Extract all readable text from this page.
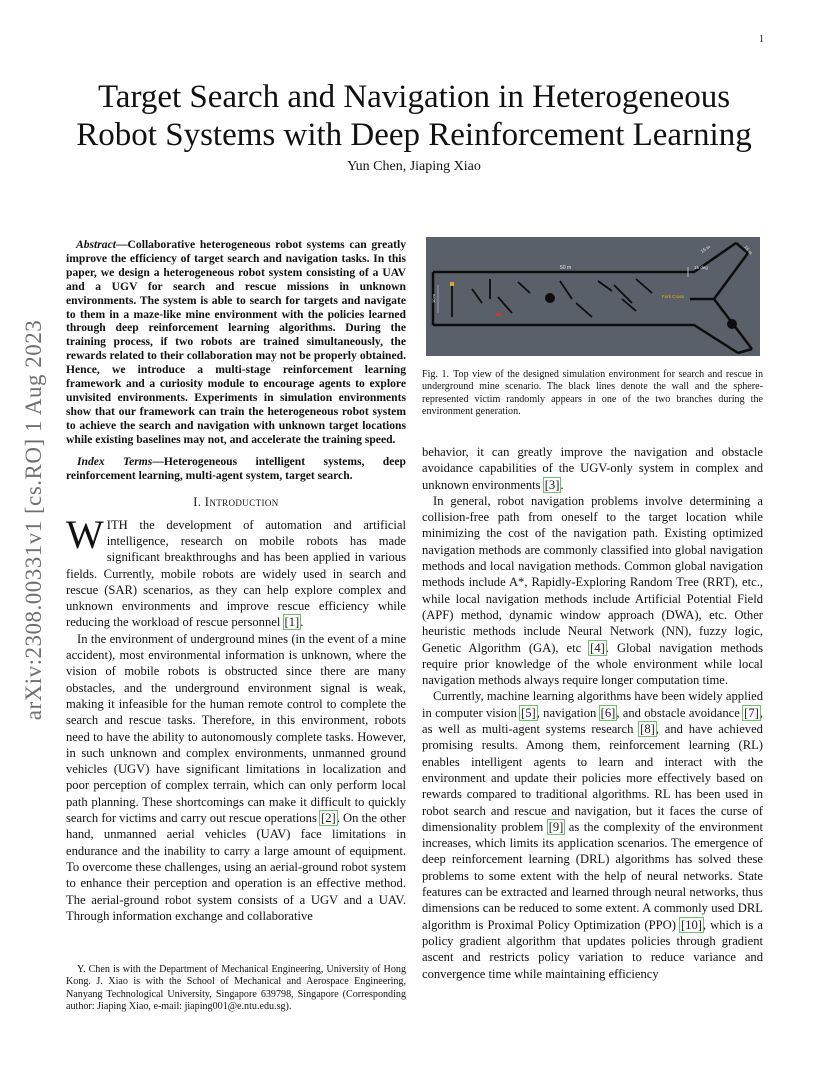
1
arXiv:2308.00331v1 [cs.RO] 1 Aug 2023
Target Search and Navigation in Heterogeneous
Robot Systems with Deep Reinforcement Learning
Yun Chen, Jiaping Xiao

Abstract—Collaborative heterogeneous robot systems can greatly improve the efficiency of target search and navigation tasks. In this paper, we design a heterogeneous robot system consisting of a UAV and a UGV for search and rescue missions in unknown environments. The system is able to search for targets and navigate to them in a maze-like mine environment with the policies learned through deep reinforcement learning algorithms. During the training process, if two robots are trained simultaneously, the rewards related to their collaboration may not be properly obtained. Hence, we introduce a multi-stage reinforcement learning framework and a curiosity module to encourage agents to explore unvisited environments. Experiments in simulation environments show that our framework can train the heterogeneous robot system to achieve the search and navigation with unknown target locations while existing baselines may not, and accelerate the training speed.

Index Terms—Heterogeneous intelligent systems, deep reinforcement learning, multi-agent system, target search.

I. Introduction

WITH the development of automation and artificial intelligence, research on mobile robots has made significant breakthroughs and has been applied in various fields. Currently, mobile robots are widely used in search and rescue (SAR) scenarios, as they can help explore complex and unknown environments and improve rescue efficiency while reducing the workload of rescue personnel [1].

In the environment of underground mines (in the event of a mine accident), most environmental information is unknown, where the vision of mobile robots is obstructed since there are many obstacles, and the underground environment signal is weak, making it infeasible for the human remote control to complete the search and rescue tasks. Therefore, in this environment, robots need to have the ability to autonomously complete tasks. However, in such unknown and complex environments, unmanned ground vehicles (UGV) have significant limitations in localization and poor perception of complex terrain, which can only perform local path planning. These shortcomings can make it difficult to quickly search for victims and carry out rescue operations [2]. On the other hand, unmanned aerial vehicles (UAV) face limitations in endurance and the inability to carry a large amount of equipment. To overcome these challenges, using an aerial-ground robot system to enhance their perception and operation is an effective method. The aerial-ground robot system consists of a UGV and a UAV. Through information exchange and collaborative

50 m	15 deg
15 m	15 m
Fork Cross
10 m
Fig. 1. Top view of the designed simulation environment for search and rescue in underground mine scenario. The black lines denote the wall and the sphere-represented victim randomly appears in one of the two branches during the environment generation.

behavior, it can greatly improve the navigation and obstacle avoidance capabilities of the UGV-only system in complex and unknown environments [3].

In general, robot navigation problems involve determining a collision-free path from oneself to the target location while minimizing the cost of the navigation path. Existing optimized navigation methods are commonly classified into global navigation methods and local navigation methods. Common global navigation methods include A*, Rapidly-Exploring Random Tree (RRT), etc., while local navigation methods include Artificial Potential Field (APF) method, dynamic window approach (DWA), etc. Other heuristic methods include Neural Network (NN), fuzzy logic, Genetic Algorithm (GA), etc [4]. Global navigation methods require prior knowledge of the whole environment while local navigation methods always require longer computation time.

Currently, machine learning algorithms have been widely applied in computer vision [5], navigation [6], and obstacle avoidance [7], as well as multi-agent systems research [8], and have achieved promising results. Among them, reinforcement learning (RL) enables intelligent agents to learn and interact with the environment and update their policies more effectively based on rewards compared to traditional algorithms. RL has been used in robot search and rescue and navigation, but it faces the curse of dimensionality problem [9] as the complexity of the environment increases, which limits its application scenarios. The emergence of deep reinforcement learning (DRL) algorithms has solved these problems to some extent with the help of neural networks. State features can be extracted and learned through neural networks, thus dimensions can be reduced to some extent. A commonly used DRL algorithm is Proximal Policy Optimization (PPO) [10], which is a policy gradient algorithm that updates policies through gradient ascent and restricts policy variation to reduce variance and convergence time while maintaining efficiency

Y. Chen is with the Department of Mechanical Engineering, University of Hong Kong. J. Xiao is with the School of Mechanical and Aerospace Engineering, Nanyang Technological University, Singapore 639798, Singapore (Corresponding author: Jiaping Xiao, e-mail: jiaping001@e.ntu.edu.sg).
